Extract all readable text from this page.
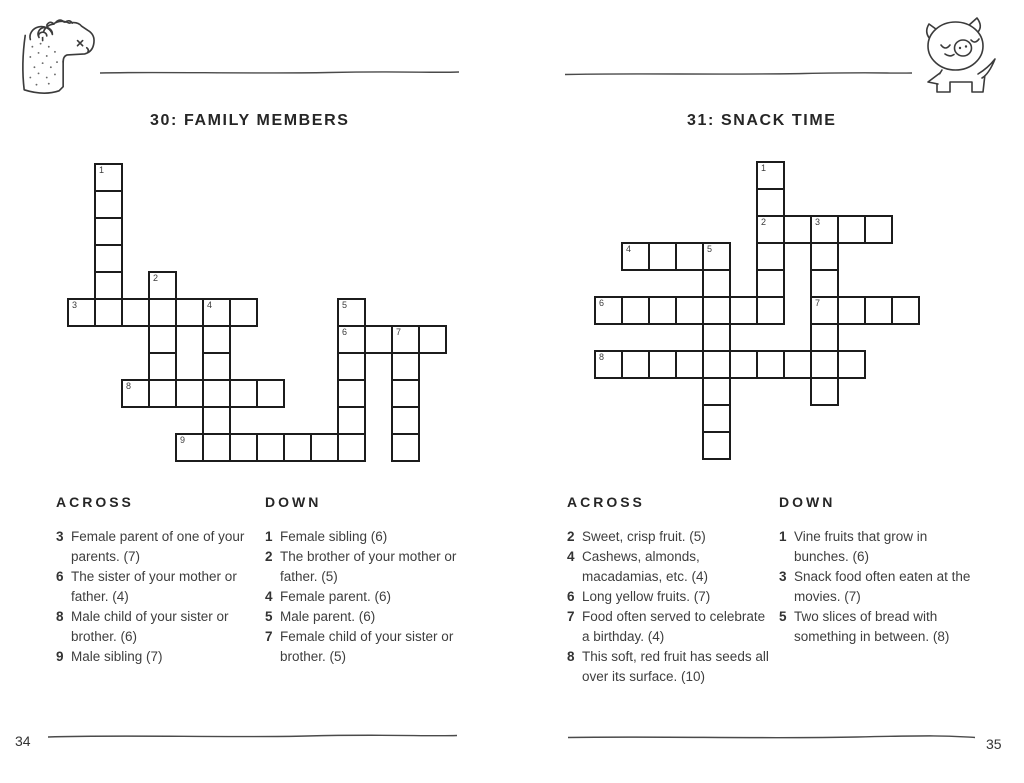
30: FAMILY MEMBERS	31: SNACK TIME
1
2
3	4	5
6	7
8
9
1
2	3
7
4	5
6
8
ACROSS
3 Female parent of one of your
parents. (7)
6 The sister of your mother or
father. (4)
8 Male child of your sister or
brother. (6)
9 Male sibling (7)
DOWN
1 Female sibling (6)
2 The brother of your mother or
father. (5)
4 Female parent. (6)
5 Male parent. (6)
7 Female child of your sister or
brother. (5)
ACROSS
2 Sweet, crisp fruit. (5)
4 Cashews, almonds,
macadamias, etc. (4)
6 Long yellow fruits. (7)
7 Food often served to celebrate
a birthday. (4)
8 This soft, red fruit has seeds all
over its surface. (10)
DOWN
1 Vine fruits that grow in
bunches. (6)
3 Snack food often eaten at the
movies. (7)
5 Two slices of bread with
something in between. (8)
34	35
